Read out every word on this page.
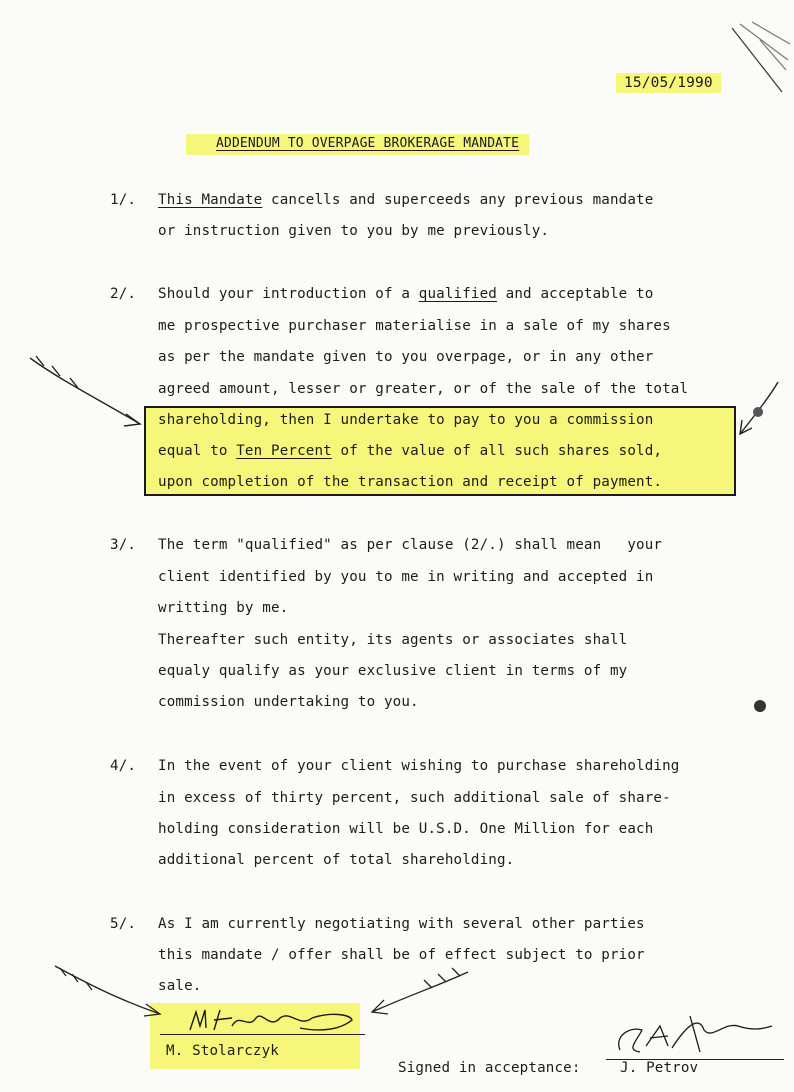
15/05/1990
ADDENDUM TO OVERPAGE BROKERAGE MANDATE
1/. This Mandate cancells and superceeds any previous mandate
or instruction given to you by me previously.
2/. Should your introduction of a qualified and acceptable to
me prospective purchaser materialise in a sale of my shares
as per the mandate given to you overpage, or in any other
agreed amount, lesser or greater, or of the sale of the total
shareholding, then I undertake to pay to you a commission
equal to Ten Percent of the value of all such shares sold,
upon completion of the transaction and receipt of payment.
3/. The term "qualified" as per clause (2/.) shall mean   your
client identified by you to me in writing and accepted in
writting by me.
Thereafter such entity, its agents or associates shall
equaly qualify as your exclusive client in terms of my
commission undertaking to you.
4/. In the event of your client wishing to purchase shareholding
in excess of thirty percent, such additional sale of share-
holding consideration will be U.S.D. One Million for each
additional percent of total shareholding.
5/. As I am currently negotiating with several other parties
this mandate / offer shall be of effect subject to prior
sale.
M. Stolarczyk
Signed in acceptance:	J. Petrov
